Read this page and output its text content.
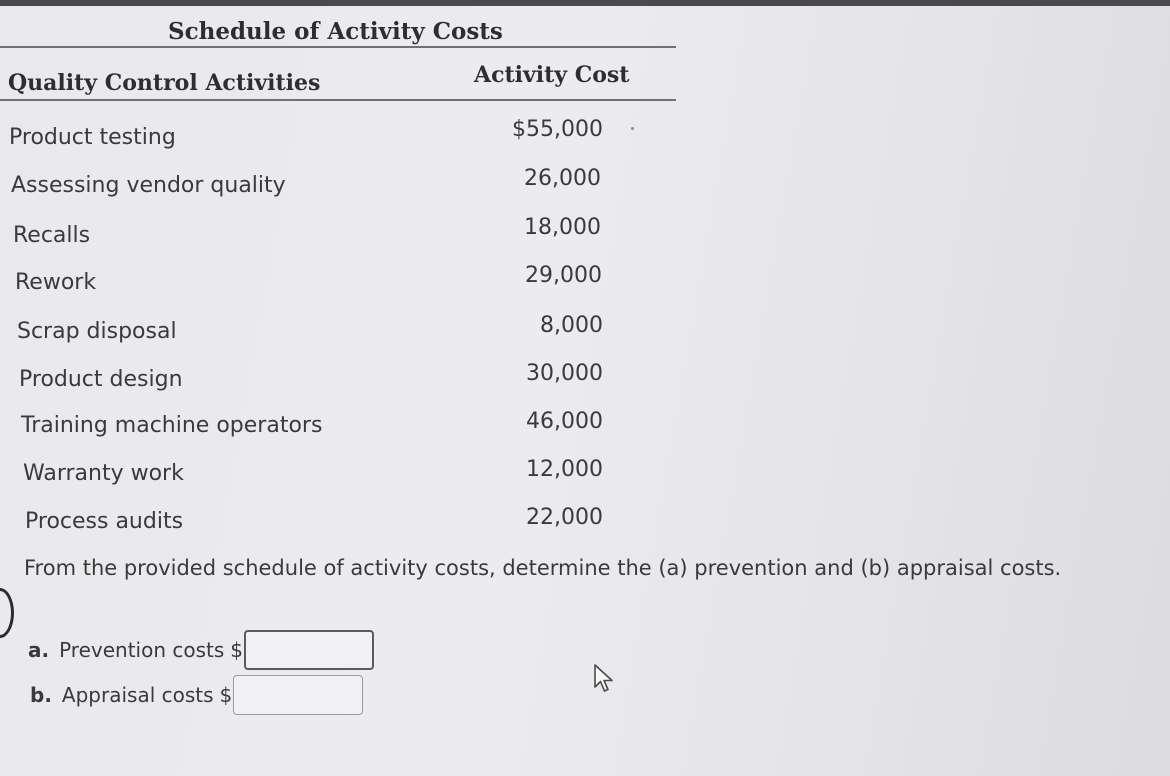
Schedule of Activity Costs
Quality Control Activities	Activity Cost
Product testing	$55,000
Assessing vendor quality	26,000
Recalls	18,000
Rework	29,000
Scrap disposal	8,000
Product design	30,000
Training machine operators	46,000
Warranty work	12,000
Process audits	22,000
From the provided schedule of activity costs, determine the (a) prevention and (b) appraisal costs.
a. Prevention costs $
b. Appraisal costs $
